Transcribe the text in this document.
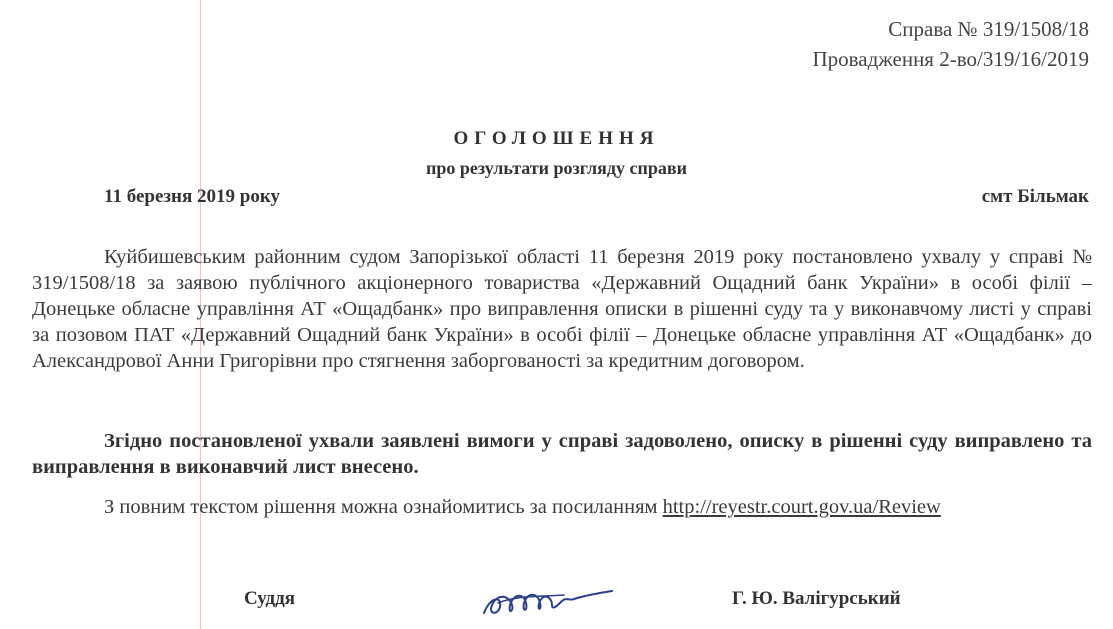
Справа № 319/1508/18
Провадження 2-во/319/16/2019
ОГОЛОШЕННЯ
про результати розгляду справи
11 березня 2019 року	смт Більмак
Куйбишевським районним судом Запорізької області 11 березня 2019 року постановлено ухвалу у справі № 319/1508/18 за заявою публічного акціонерного товариства «Державний Ощадний банк України» в особі філії – Донецьке обласне управління АТ «Ощадбанк» про виправлення описки в рішенні суду та у виконавчому листі у справі за позовом ПАТ «Державний Ощадний банк України» в особі філії – Донецьке обласне управління АТ «Ощадбанк» до Александрової Анни Григорівни про стягнення заборгованості за кредитним договором.
Згідно постановленої ухвали заявлені вимоги у справі задоволено, описку в рішенні суду виправлено та виправлення в виконавчий лист внесено.
З повним текстом рішення можна ознайомитись за посиланням http://reyestr.court.gov.ua/Review
Суддя	Г. Ю. Валігурський
